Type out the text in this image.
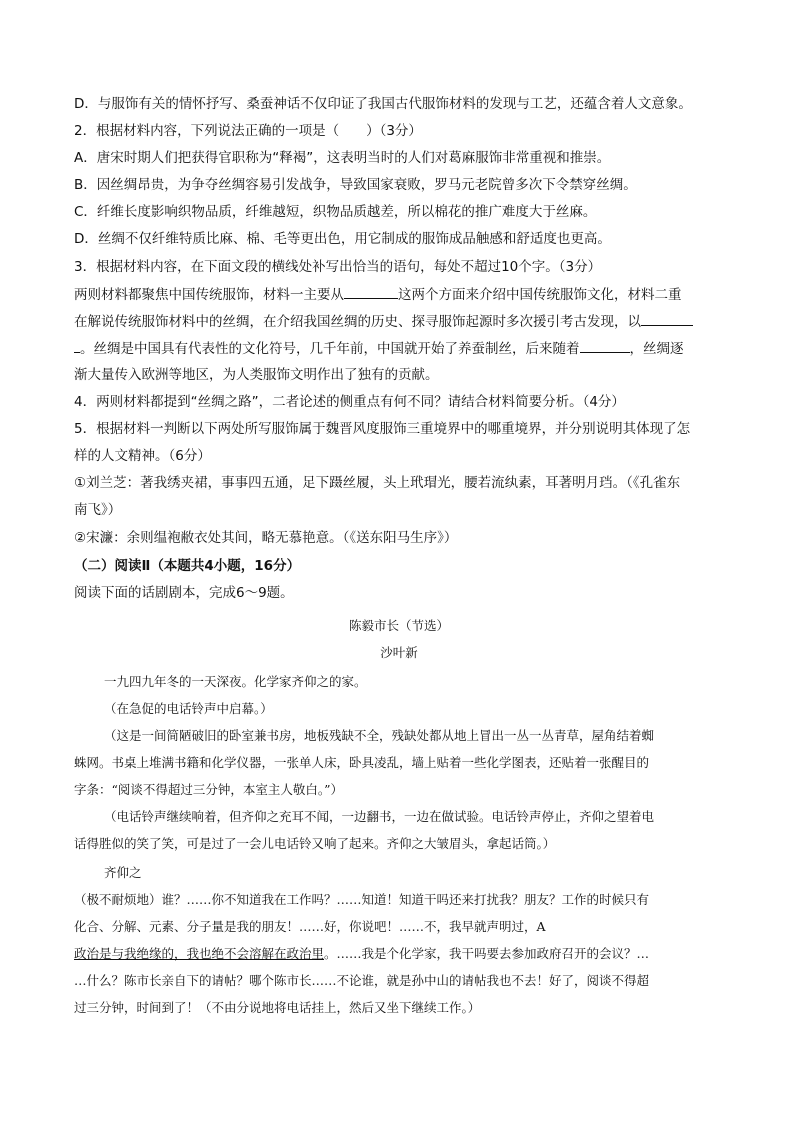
D．与服饰有关的情怀抒写、桑蚕神话不仅印证了我国古代服饰材料的发现与工艺，还蕴含着人文意象。
2．根据材料内容，下列说法正确的一项是（　　）（3分）
A．唐宋时期人们把获得官职称为“释褐”，这表明当时的人们对葛麻服饰非常重视和推崇。
B．因丝绸昂贵，为争夺丝绸容易引发战争，导致国家衰败，罗马元老院曾多次下令禁穿丝绸。
C．纤维长度影响织物品质，纤维越短，织物品质越差，所以棉花的推广难度大于丝麻。
D．丝绸不仅纤维特质比麻、棉、毛等更出色，用它制成的服饰成品触感和舒适度也更高。
3．根据材料内容，在下面文段的横线处补写出恰当的语句，每处不超过10个字。（3分）
两则材料都聚焦中国传统服饰，材料一主要从	这两个方面来介绍中国传统服饰文化，材料二重
在解说传统服饰材料中的丝绸，在介绍我国丝绸的历史、探寻服饰起源时多次援引考古发现，以
。丝绸是中国具有代表性的文化符号，几千年前，中国就开始了养蚕制丝，后来随着	，丝绸逐
渐大量传入欧洲等地区，为人类服饰文明作出了独有的贡献。
4．两则材料都提到“丝绸之路”，二者论述的侧重点有何不同？请结合材料简要分析。（4分）
5．根据材料一判断以下两处所写服饰属于魏晋风度服饰三重境界中的哪重境界，并分别说明其体现了怎
样的人文精神。（6分）
①刘兰芝：著我绣夹裙，事事四五通，足下蹑丝履，头上玳瑁光，腰若流纨素，耳著明月珰。（《孔雀东
南飞》）
②宋濂：余则缊袍敝衣处其间，略无慕艳意。（《送东阳马生序》）
（二）阅读Ⅱ（本题共4小题，16分）
阅读下面的话剧剧本，完成6～9题。
陈毅市长（节选）
沙叶新
一九四九年冬的一天深夜。化学家齐仰之的家。
（在急促的电话铃声中启幕。）
（这是一间简陋破旧的卧室兼书房，地板残缺不全，残缺处都从地上冒出一丛一丛青草，屋角结着蜘
蛛网。书桌上堆满书籍和化学仪器，一张单人床，卧具凌乱，墙上贴着一些化学图表，还贴着一张醒目的
字条：“阅谈不得超过三分钟，本室主人敬白。”）
（电话铃声继续响着，但齐仰之充耳不闻，一边翻书，一边在做试验。电话铃声停止，齐仰之望着电
话得胜似的笑了笑，可是过了一会儿电话铃又响了起来。齐仰之大皱眉头，拿起话筒。）
齐仰之
（极不耐烦地）谁？……你不知道我在工作吗？……知道！知道干吗还来打扰我？朋友？工作的时候只有
化合、分解、元素、分子量是我的朋友！……好，你说吧！……不，我早就声明过，A
政治是与我绝缘的，我也绝不会溶解在政治里。……我是个化学家，我干吗要去参加政府召开的会议？…
…什么？陈市长亲自下的请帖？哪个陈市长……不论谁，就是孙中山的请帖我也不去！好了，阅谈不得超
过三分钟，时间到了！（不由分说地将电话挂上，然后又坐下继续工作。）
